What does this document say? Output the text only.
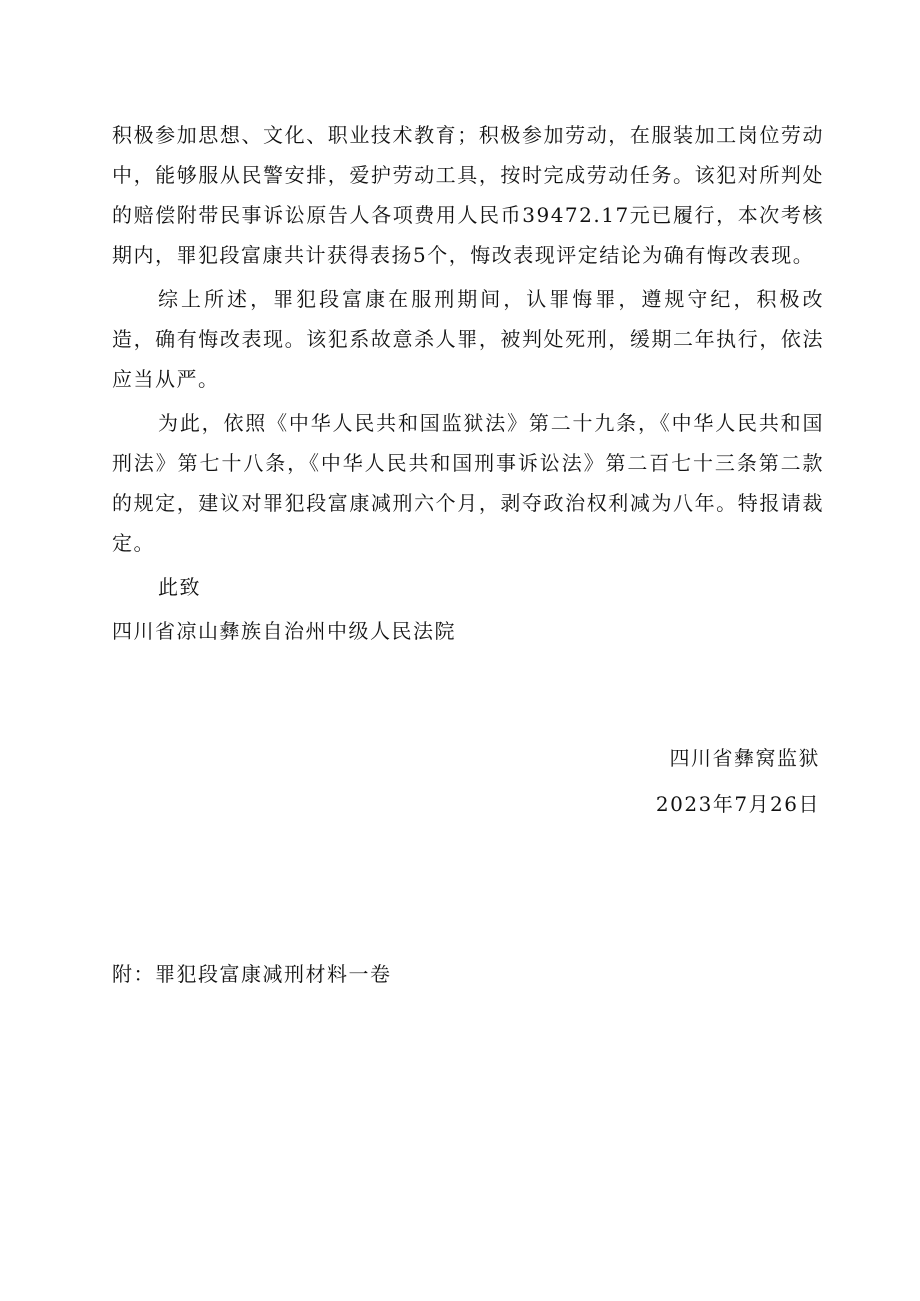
积极参加思想、文化、职业技术教育；积极参加劳动，在服装加工岗位劳动中，能够服从民警安排，爱护劳动工具，按时完成劳动任务。该犯对所判处的赔偿附带民事诉讼原告人各项费用人民币39472.17元已履行，本次考核期内，罪犯段富康共计获得表扬5个，悔改表现评定结论为确有悔改表现。

综上所述，罪犯段富康在服刑期间，认罪悔罪，遵规守纪，积极改造，确有悔改表现。该犯系故意杀人罪，被判处死刑，缓期二年执行，依法应当从严。

为此，依照《中华人民共和国监狱法》第二十九条，《中华人民共和国刑法》第七十八条，《中华人民共和国刑事诉讼法》第二百七十三条第二款的规定，建议对罪犯段富康减刑六个月，剥夺政治权利减为八年。特报请裁定。

此致

四川省凉山彝族自治州中级人民法院

四川省彝窝监狱
2023年7月26日
附：罪犯段富康减刑材料一卷
